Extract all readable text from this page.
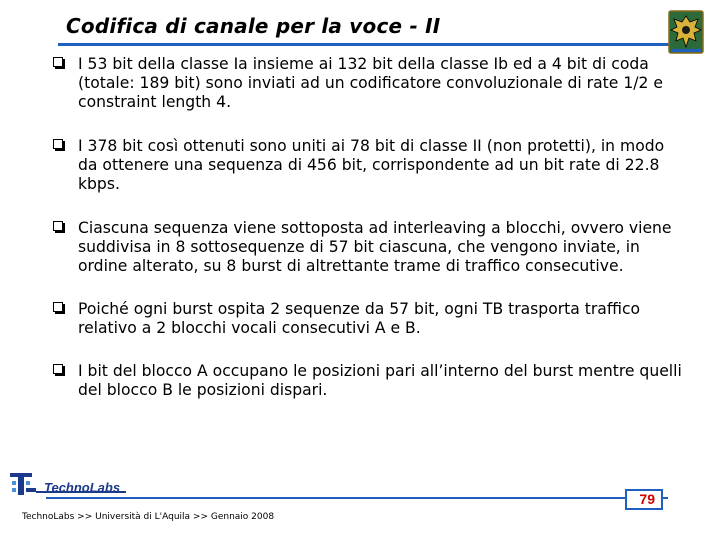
Codifica di canale per la voce - II
I 53 bit della classe Ia insieme ai 132 bit della classe Ib ed a 4 bit di coda (totale: 189 bit) sono inviati ad un codificatore convoluzionale di rate 1/2 e constraint length 4.
I 378 bit così ottenuti sono uniti ai 78 bit di classe II (non protetti), in modo da ottenere una sequenza di 456 bit, corrispondente ad un bit rate di 22.8 kbps.
Ciascuna sequenza viene sottoposta ad interleaving a blocchi, ovvero viene suddivisa in 8 sottosequenze di 57 bit ciascuna, che vengono inviate, in ordine alterato, su 8 burst di altrettante trame di traffico consecutive.
Poiché ogni burst ospita 2 sequenze da 57 bit, ogni TB trasporta traffico relativo a 2 blocchi vocali consecutivi A e B.
I bit del blocco A occupano le posizioni pari all’interno del burst mentre quelli del blocco B le posizioni dispari.
TechnoLabs
TechnoLabs >> Università di L'Aquila >> Gennaio 2008
79
